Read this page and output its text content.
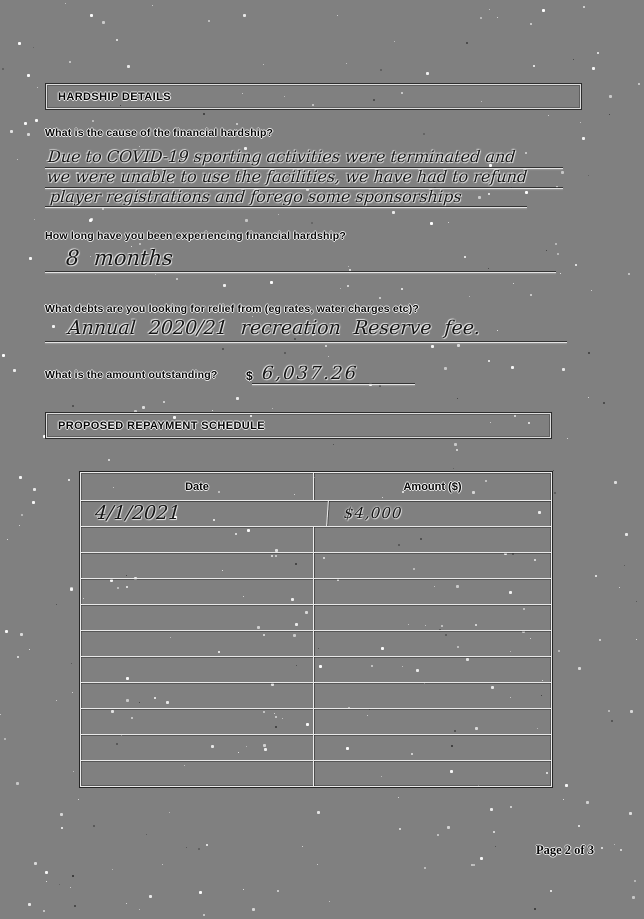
HARDSHIP DETAILS
What is the cause of the financial hardship?
Due to COVID-19 sporting activities were terminated and
we were unable to use the facilities, we have had to refund
player registrations and forego some sponsorships
How long have you been experiencing financial hardship?
8 months
What debts are you looking for relief from (eg rates, water charges etc)?
Annual 2020/21 recreation Reserve fee.
What is the amount outstanding? $ 6,037.26
PROPOSED REPAYMENT SCHEDULE
Date	Amount ($)
4/1/2021	$4,000
Page 2 of 3
